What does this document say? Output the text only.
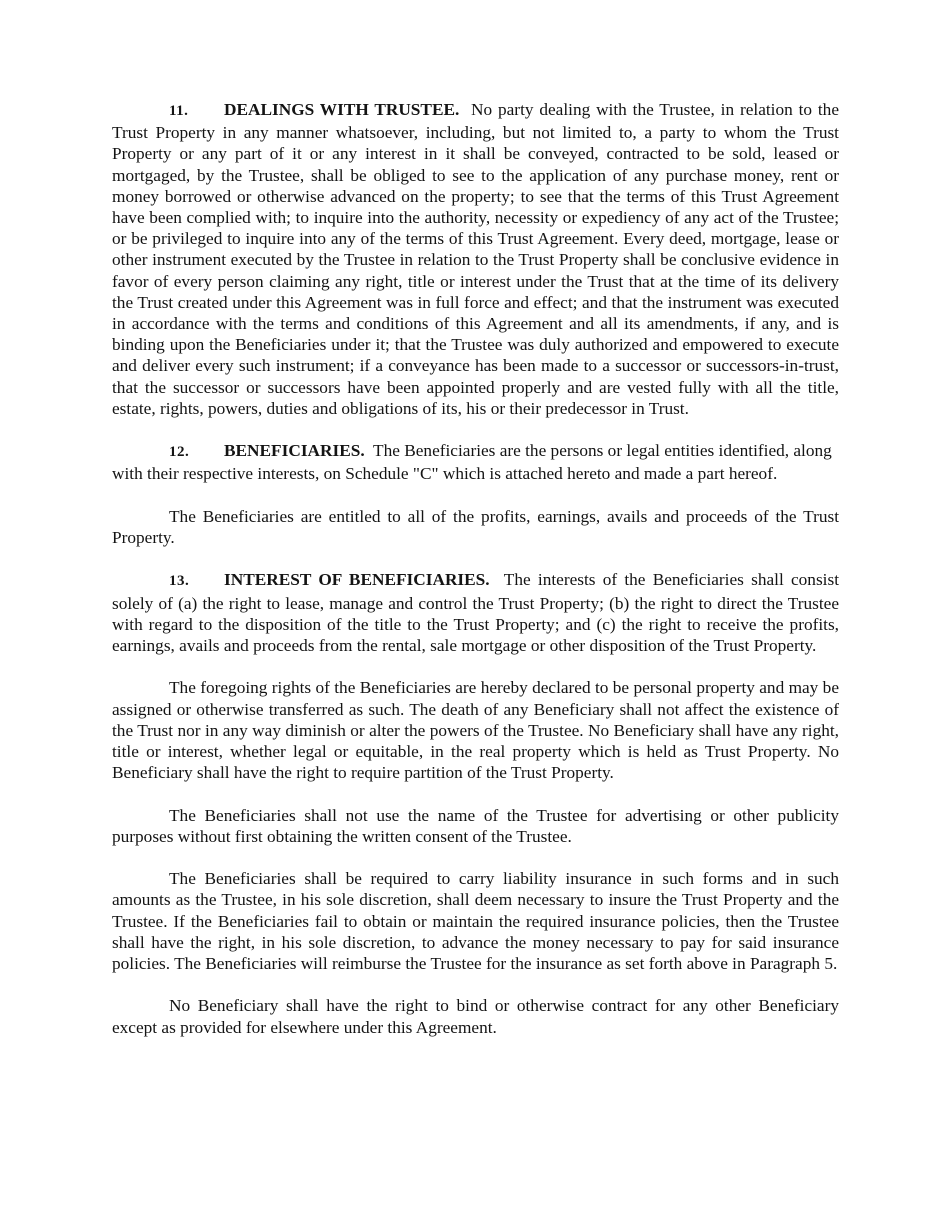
11. DEALINGS WITH TRUSTEE. No party dealing with the Trustee, in relation to the Trust Property in any manner whatsoever, including, but not limited to, a party to whom the Trust Property or any part of it or any interest in it shall be conveyed, contracted to be sold, leased or mortgaged, by the Trustee, shall be obliged to see to the application of any purchase money, rent or money borrowed or otherwise advanced on the property; to see that the terms of this Trust Agreement have been complied with; to inquire into the authority, necessity or expediency of any act of the Trustee; or be privileged to inquire into any of the terms of this Trust Agreement. Every deed, mortgage, lease or other instrument executed by the Trustee in relation to the Trust Property shall be conclusive evidence in favor of every person claiming any right, title or interest under the Trust that at the time of its delivery the Trust created under this Agreement was in full force and effect; and that the instrument was executed in accordance with the terms and conditions of this Agreement and all its amendments, if any, and is binding upon the Beneficiaries under it; that the Trustee was duly authorized and empowered to execute and deliver every such instrument; if a conveyance has been made to a successor or successors-in-trust, that the successor or successors have been appointed properly and are vested fully with all the title, estate, rights, powers, duties and obligations of its, his or their predecessor in Trust.

12. BENEFICIARIES. The Beneficiaries are the persons or legal entities identified, along with their respective interests, on Schedule "C" which is attached hereto and made a part hereof.

The Beneficiaries are entitled to all of the profits, earnings, avails and proceeds of the Trust Property.

13. INTEREST OF BENEFICIARIES. The interests of the Beneficiaries shall consist solely of (a) the right to lease, manage and control the Trust Property; (b) the right to direct the Trustee with regard to the disposition of the title to the Trust Property; and (c) the right to receive the profits, earnings, avails and proceeds from the rental, sale mortgage or other disposition of the Trust Property.

The foregoing rights of the Beneficiaries are hereby declared to be personal property and may be assigned or otherwise transferred as such. The death of any Beneficiary shall not affect the existence of the Trust nor in any way diminish or alter the powers of the Trustee. No Beneficiary shall have any right, title or interest, whether legal or equitable, in the real property which is held as Trust Property. No Beneficiary shall have the right to require partition of the Trust Property.

The Beneficiaries shall not use the name of the Trustee for advertising or other publicity purposes without first obtaining the written consent of the Trustee.

The Beneficiaries shall be required to carry liability insurance in such forms and in such amounts as the Trustee, in his sole discretion, shall deem necessary to insure the Trust Property and the Trustee. If the Beneficiaries fail to obtain or maintain the required insurance policies, then the Trustee shall have the right, in his sole discretion, to advance the money necessary to pay for said insurance policies. The Beneficiaries will reimburse the Trustee for the insurance as set forth above in Paragraph 5.

No Beneficiary shall have the right to bind or otherwise contract for any other Beneficiary except as provided for elsewhere under this Agreement.
